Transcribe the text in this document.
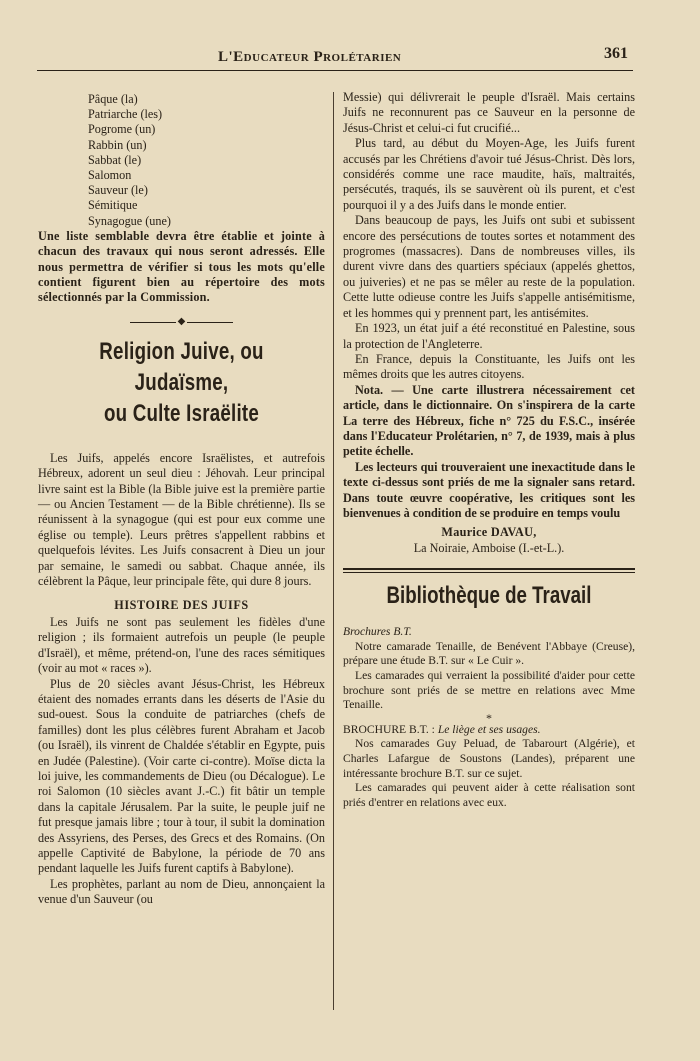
L'Educateur Prolétarien	361
Pâque (la)
Patriarche (les)
Pogrome (un)
Rabbin (un)
Sabbat (le)
Salomon
Sauveur (le)
Sémitique
Synagogue (une)

Une liste semblable devra être établie et jointe à chacun des travaux qui nous seront adressés. Elle nous permettra de vérifier si tous les mots qu'elle contient figurent bien au répertoire des mots sélectionnés par la Commission.

◆
Religion Juive, ou Judaïsme,
ou Culte Israëlite

Les Juifs, appelés encore Israëlistes, et autrefois Hébreux, adorent un seul dieu : Jéhovah. Leur principal livre saint est la Bible (la Bible juive est la première partie — ou Ancien Testament — de la Bible chrétienne). Ils se réunissent à la synagogue (qui est pour eux comme une église ou temple). Leurs prêtres s'appellent rabbins et quelquefois lévites. Les Juifs consacrent à Dieu un jour par semaine, le samedi ou sabbat. Chaque année, ils célèbrent la Pâque, leur principale fête, qui dure 8 jours.

HISTOIRE DES JUIFS

Les Juifs ne sont pas seulement les fidèles d'une religion ; ils formaient autrefois un peuple (le peuple d'Israël), et même, prétend-on, l'une des races sémitiques (voir au mot « races »).

Plus de 20 siècles avant Jésus-Christ, les Hébreux étaient des nomades errants dans les déserts de l'Asie du sud-ouest. Sous la conduite de patriarches (chefs de familles) dont les plus célèbres furent Abraham et Jacob (ou Israël), ils vinrent de Chaldée s'établir en Egypte, puis en Judée (Palestine). (Voir carte ci-contre). Moïse dicta la loi juive, les commandements de Dieu (ou Décalogue). Le roi Salomon (10 siècles avant J.-C.) fit bâtir un temple dans la capitale Jérusalem. Par la suite, le peuple juif ne fut presque jamais libre ; tour à tour, il subit la domination des Assyriens, des Perses, des Grecs et des Romains. (On appelle Captivité de Babylone, la période de 70 ans pendant laquelle les Juifs furent captifs à Babylone).

Les prophètes, parlant au nom de Dieu, annonçaient la venue d'un Sauveur (ou

Messie) qui délivrerait le peuple d'Israël. Mais certains Juifs ne reconnurent pas ce Sauveur en la personne de Jésus-Christ et celui-ci fut crucifié...

Plus tard, au début du Moyen-Age, les Juifs furent accusés par les Chrétiens d'avoir tué Jésus-Christ. Dès lors, considérés comme une race maudite, haïs, maltraités, persécutés, traqués, ils se sauvèrent où ils purent, et c'est pourquoi il y a des Juifs dans le monde entier.

Dans beaucoup de pays, les Juifs ont subi et subissent encore des persécutions de toutes sortes et notamment des progromes (massacres). Dans de nombreuses villes, ils durent vivre dans des quartiers spéciaux (appelés ghettos, ou juiveries) et ne pas se mêler au reste de la population. Cette lutte odieuse contre les Juifs s'appelle antisémitisme, et les hommes qui y prennent part, les antisémites.

En 1923, un état juif a été reconstitué en Palestine, sous la protection de l'Angleterre.

En France, depuis la Constituante, les Juifs ont les mêmes droits que les autres citoyens.

Nota. — Une carte illustrera nécessairement cet article, dans le dictionnaire. On s'inspirera de la carte La terre des Hébreux, fiche n° 725 du F.S.C., insérée dans l'Educateur Prolétarien, n° 7, de 1939, mais à plus petite échelle.

Les lecteurs qui trouveraient une inexactitude dans le texte ci-dessus sont priés de me la signaler sans retard. Dans toute œuvre coopérative, les critiques sont les bienvenues à condition de se produire en temps voulu

Maurice DAVAU,
La Noiraie, Amboise (I.-et-L.).
Bibliothèque de Travail
Brochures B.T.

Notre camarade Tenaille, de Benévent l'Abbaye (Creuse), prépare une étude B.T. sur « Le Cuir ».

Les camarades qui verraient la possibilité d'aider pour cette brochure sont priés de se mettre en relations avec Mme Tenaille.

*
BROCHURE B.T. : Le liège et ses usages.

Nos camarades Guy Peluad, de Tabarourt (Algérie), et Charles Lafargue de Soustons (Landes), préparent une intéressante brochure B.T. sur ce sujet.

Les camarades qui peuvent aider à cette réalisation sont priés d'entrer en relations avec eux.
